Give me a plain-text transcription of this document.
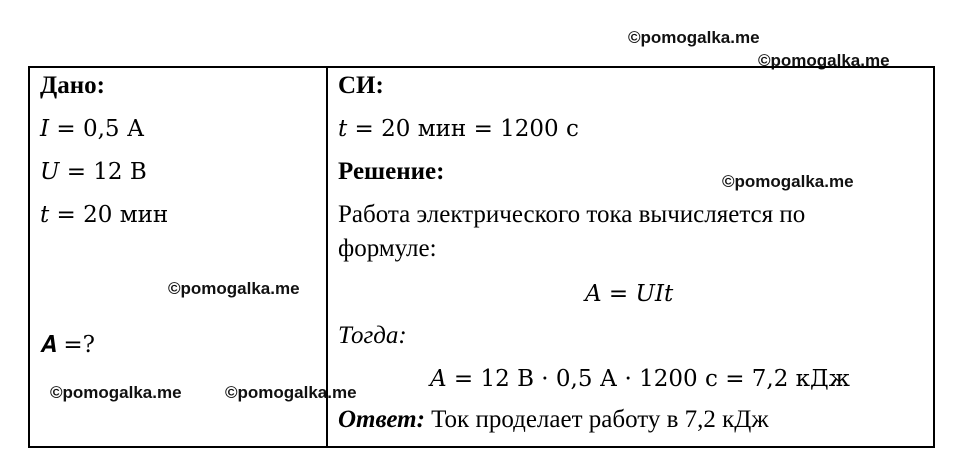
©pomogalka.me
©pomogalka.me
Дано:
𝐼 = 0,5 А
𝑈 = 12 В
𝑡 = 20 мин
𝑨 =?
СИ:
𝑡 = 20 мин = 1200 с
Решение:
Работа электрического тока вычисляется по
формуле:
𝐴 = 𝑈𝐼𝑡
Тогда:
𝐴 = 12 В · 0,5 А · 1200 с = 7,2 кДж
Ответ: Ток проделает работу в 7,2 кДж
©pomogalka.me
©pomogalka.me
©pomogalka.me	©pomogalka.me
